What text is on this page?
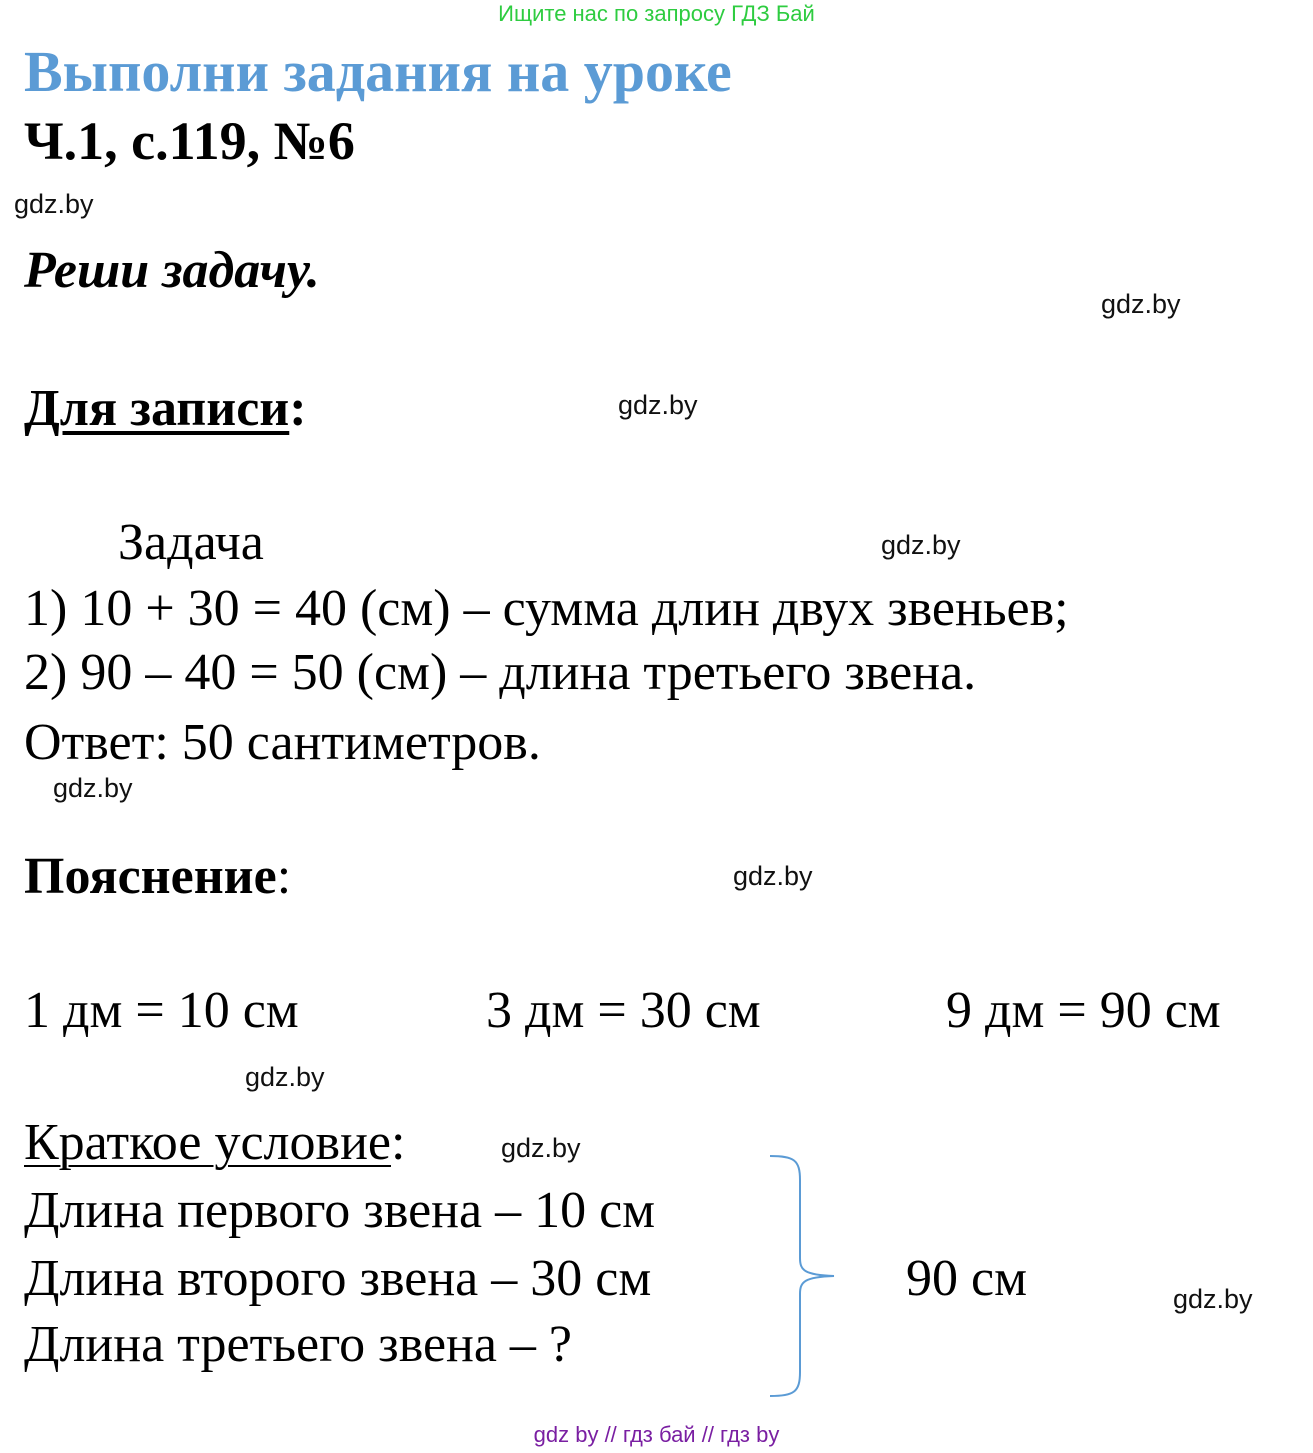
Ищите нас по запросу ГДЗ Бай
Выполни задания на уроке
Ч.1, с.119, №6
gdz.by
Реши задачу.
gdz.by
Для записи:	gdz.by
Задача	gdz.by
1) 10 + 30 = 40 (см) – сумма длин двух звеньев;
2) 90 – 40 = 50 (см) – длина третьего звена.
Ответ: 50 сантиметров.
gdz.by
Пояснение:	gdz.by
1 дм = 10 см	3 дм = 30 см	9 дм = 90 см
gdz.by
Краткое условие:	gdz.by
Длина первого звена – 10 см
Длина второго звена – 30 см
Длина третьего звена – ?
90 см	gdz.by
gdz by // гдз бай // гдз by
